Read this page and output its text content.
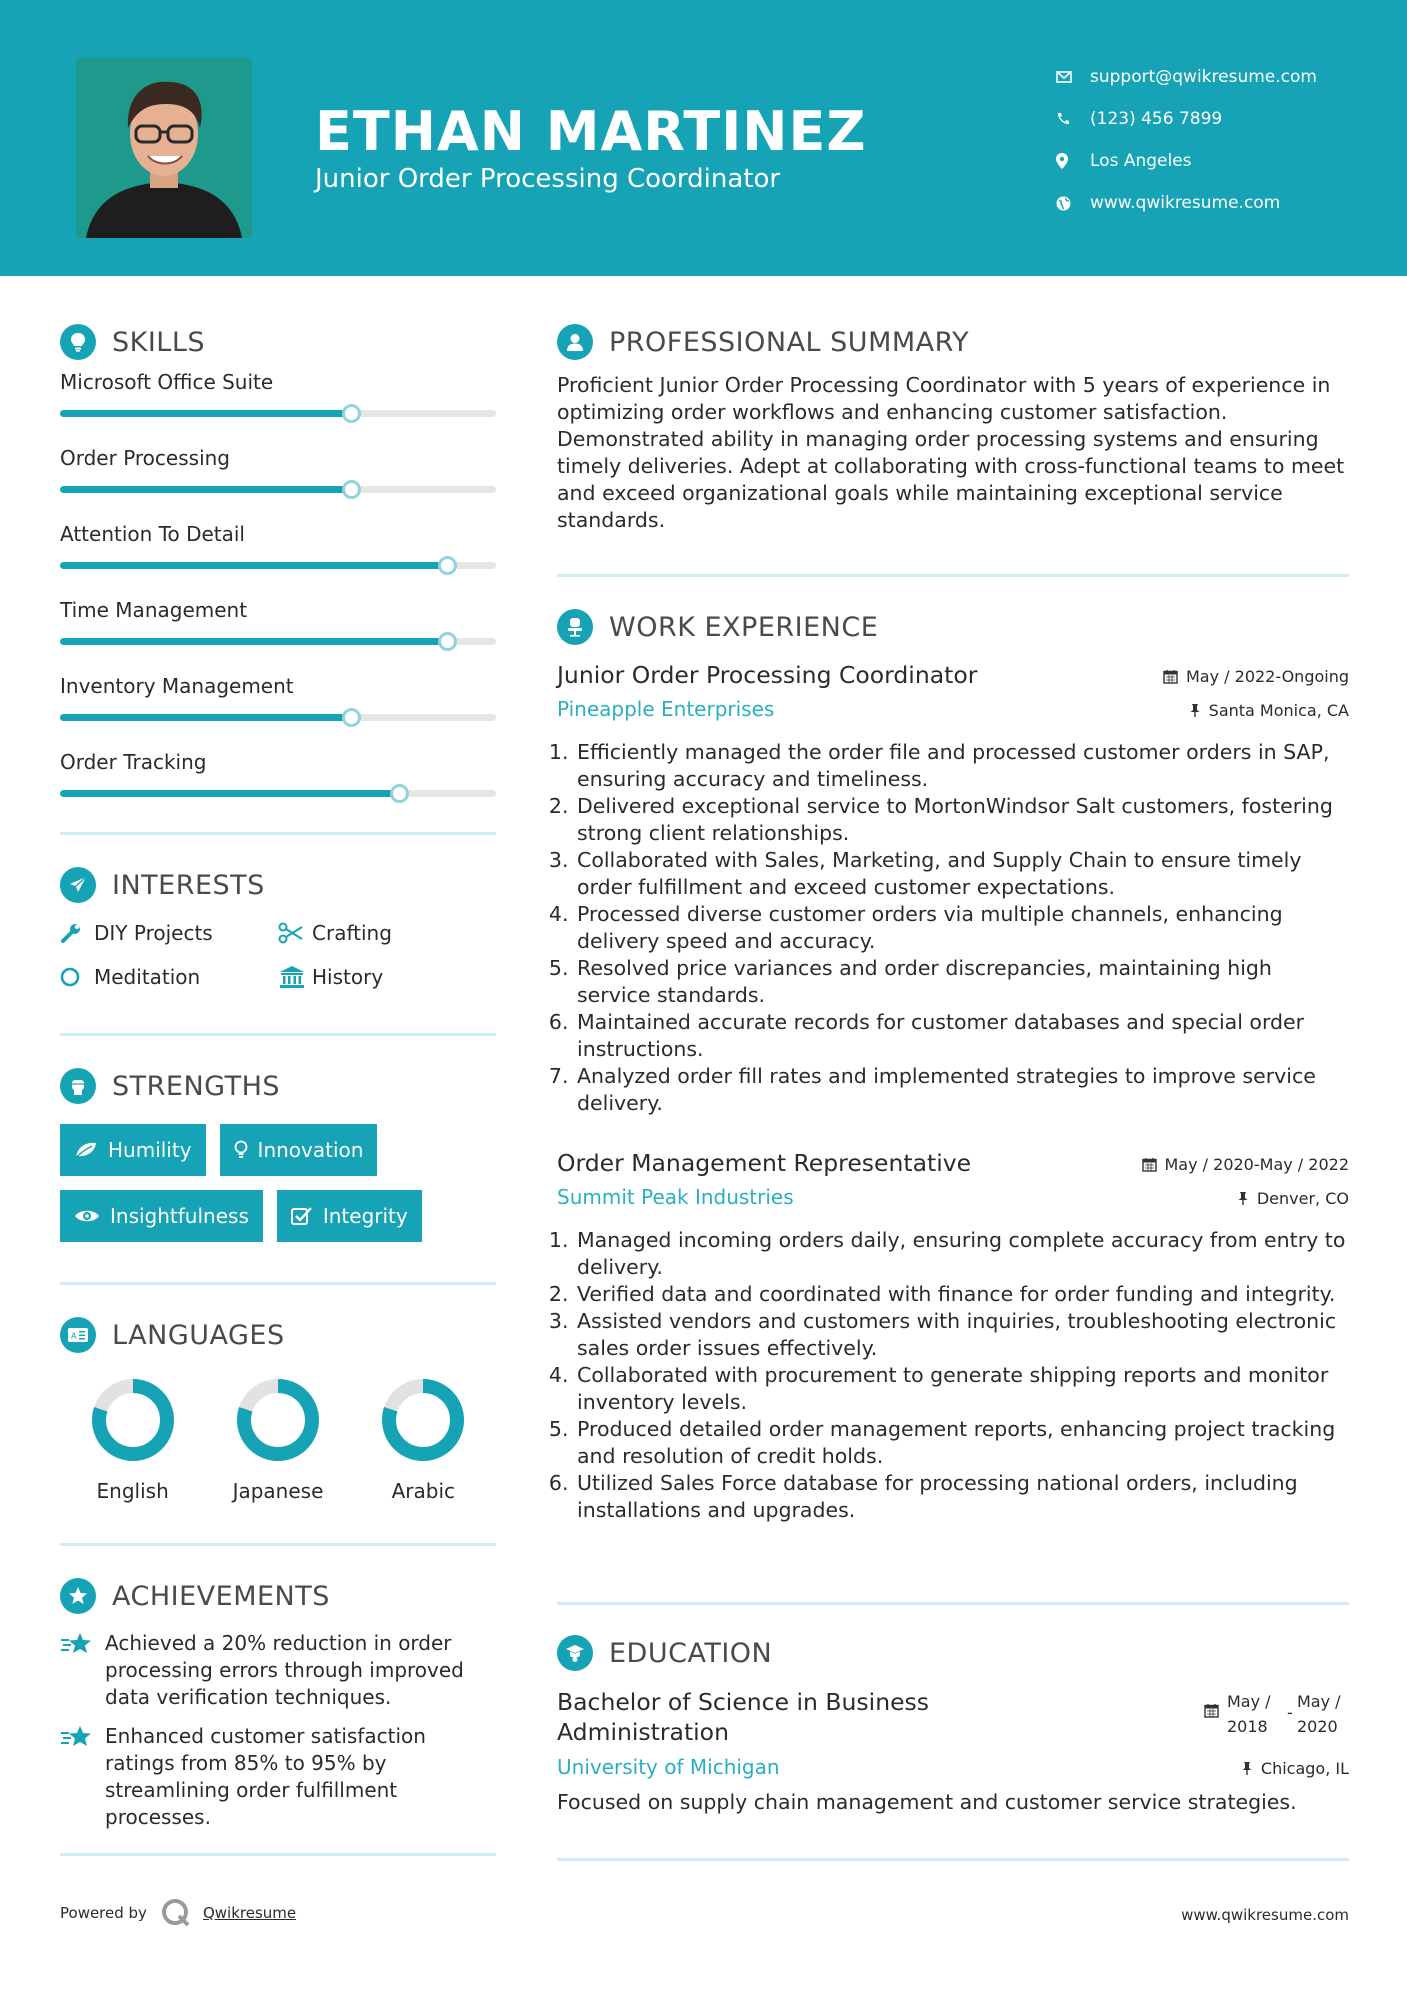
ETHAN MARTINEZ
Junior Order Processing Coordinator
support@qwikresume.com
(123) 456 7899
Los Angeles
www.qwikresume.com
SKILLS
Microsoft Office Suite
Order Processing
Attention To Detail
Time Management
Inventory Management
Order Tracking
INTERESTS
DIY Projects	Crafting
Meditation	History
STRENGTHS
Humility	Innovation
Insightfulness	Integrity
A LANGUAGES
English	Japanese	Arabic
ACHIEVEMENTS
Achieved a 20% reduction in order processing errors through improved data verification techniques.
Enhanced customer satisfaction ratings from 85% to 95% by streamlining order fulfillment processes.
PROFESSIONAL SUMMARY

Proficient Junior Order Processing Coordinator with 5 years of experience in optimizing order workflows and enhancing customer satisfaction. Demonstrated ability in managing order processing systems and ensuring timely deliveries. Adept at collaborating with cross-functional teams to meet and exceed organizational goals while maintaining exceptional service standards.

WORK EXPERIENCE
Junior Order Processing Coordinator	May / 2022-Ongoing
Pineapple Enterprises	Santa Monica, CA
1. Efficiently managed the order file and processed customer orders in SAP, ensuring accuracy and timeliness.
2. Delivered exceptional service to MortonWindsor Salt customers, fostering strong client relationships.
3. Collaborated with Sales, Marketing, and Supply Chain to ensure timely order fulfillment and exceed customer expectations.
4. Processed diverse customer orders via multiple channels, enhancing delivery speed and accuracy.
5. Resolved price variances and order discrepancies, maintaining high service standards.
6. Maintained accurate records for customer databases and special order instructions.
7. Analyzed order fill rates and implemented strategies to improve service delivery.
Order Management Representative	May / 2020-May / 2022
Summit Peak Industries	Denver, CO
1. Managed incoming orders daily, ensuring complete accuracy from entry to delivery.
2. Verified data and coordinated with finance for order funding and integrity.
3. Assisted vendors and customers with inquiries, troubleshooting electronic sales order issues effectively.
4. Collaborated with procurement to generate shipping reports and monitor inventory levels.
5. Produced detailed order management reports, enhancing project tracking and resolution of credit holds.
6. Utilized Sales Force database for processing national orders, including installations and upgrades.
EDUCATION
Bachelor of Science in Business Administration
May / 2018
-
May / 2020
University of Michigan	Chicago, IL

Focused on supply chain management and customer service strategies.

Powered by	Qwikresume	www.qwikresume.com
